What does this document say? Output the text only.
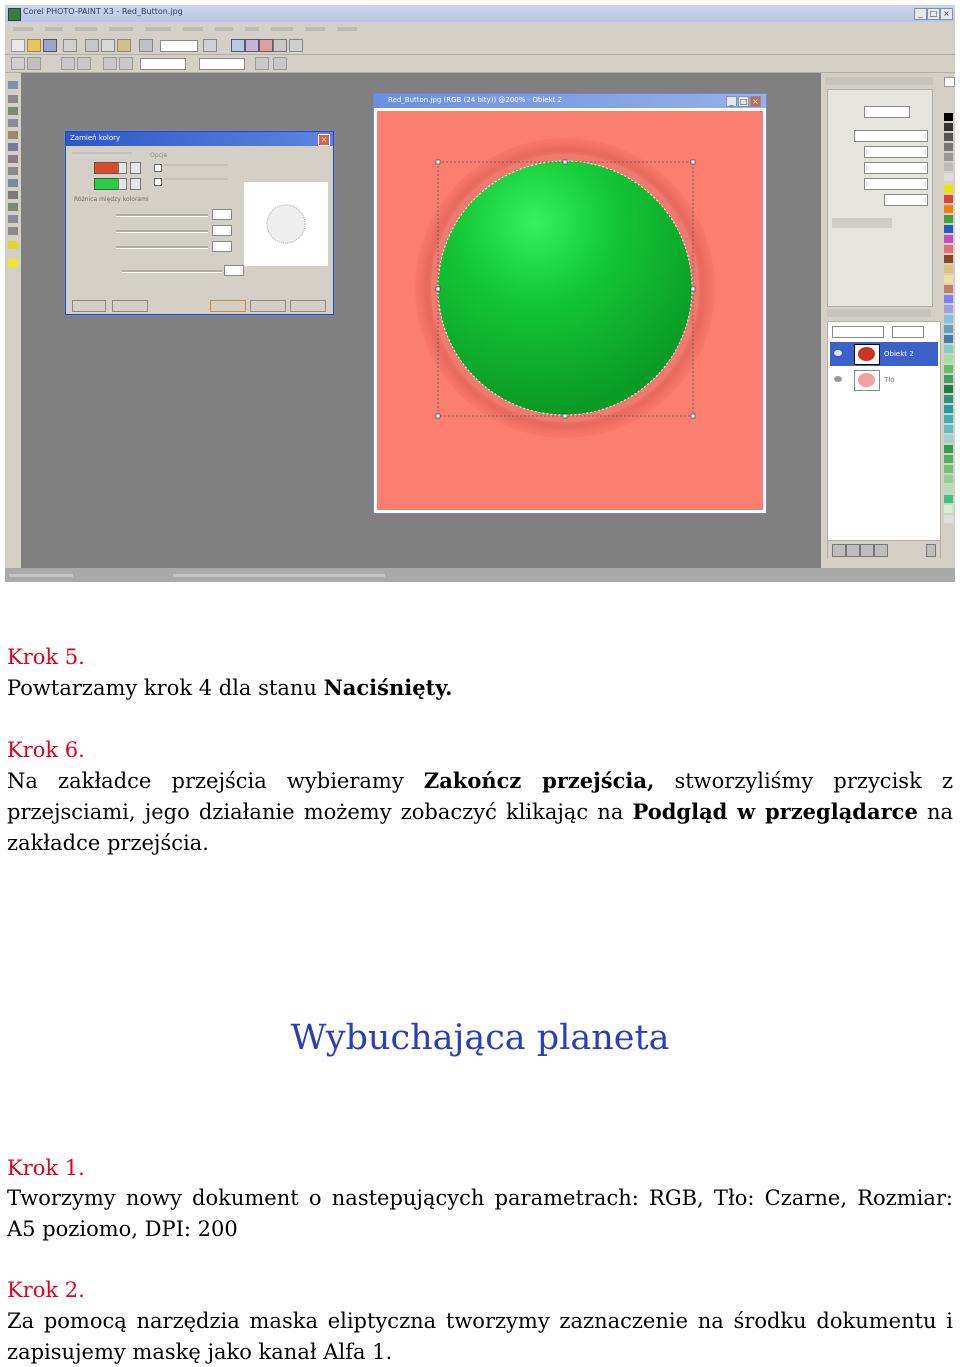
Corel PHOTO-PAINT X3 - Red_Button.jpg	_ □ ×
Zamień kolory	×
Opcje
Różnica między kolorami
Red_Button.jpg (RGB (24 bity)) @200% - Obiekt 2	_ □ ×
Obiekt 2
Tło
Krok 5.
Powtarzamy krok 4 dla stanu Naciśnięty.
Krok 6.
Na zakładce przejścia wybieramy Zakończ przejścia, stworzyliśmy przycisk z
przejsciami, jego działanie możemy zobaczyć klikając na Podgląd w przeglądarce na
zakładce przejścia.
Wybuchająca planeta
Krok 1.
Tworzymy nowy dokument o nastepujących parametrach: RGB, Tło: Czarne, Rozmiar:
A5 poziomo, DPI: 200
Krok 2.
Za pomocą narzędzia maska eliptyczna tworzymy zaznaczenie na środku dokumentu i
zapisujemy maskę jako kanał Alfa 1.
